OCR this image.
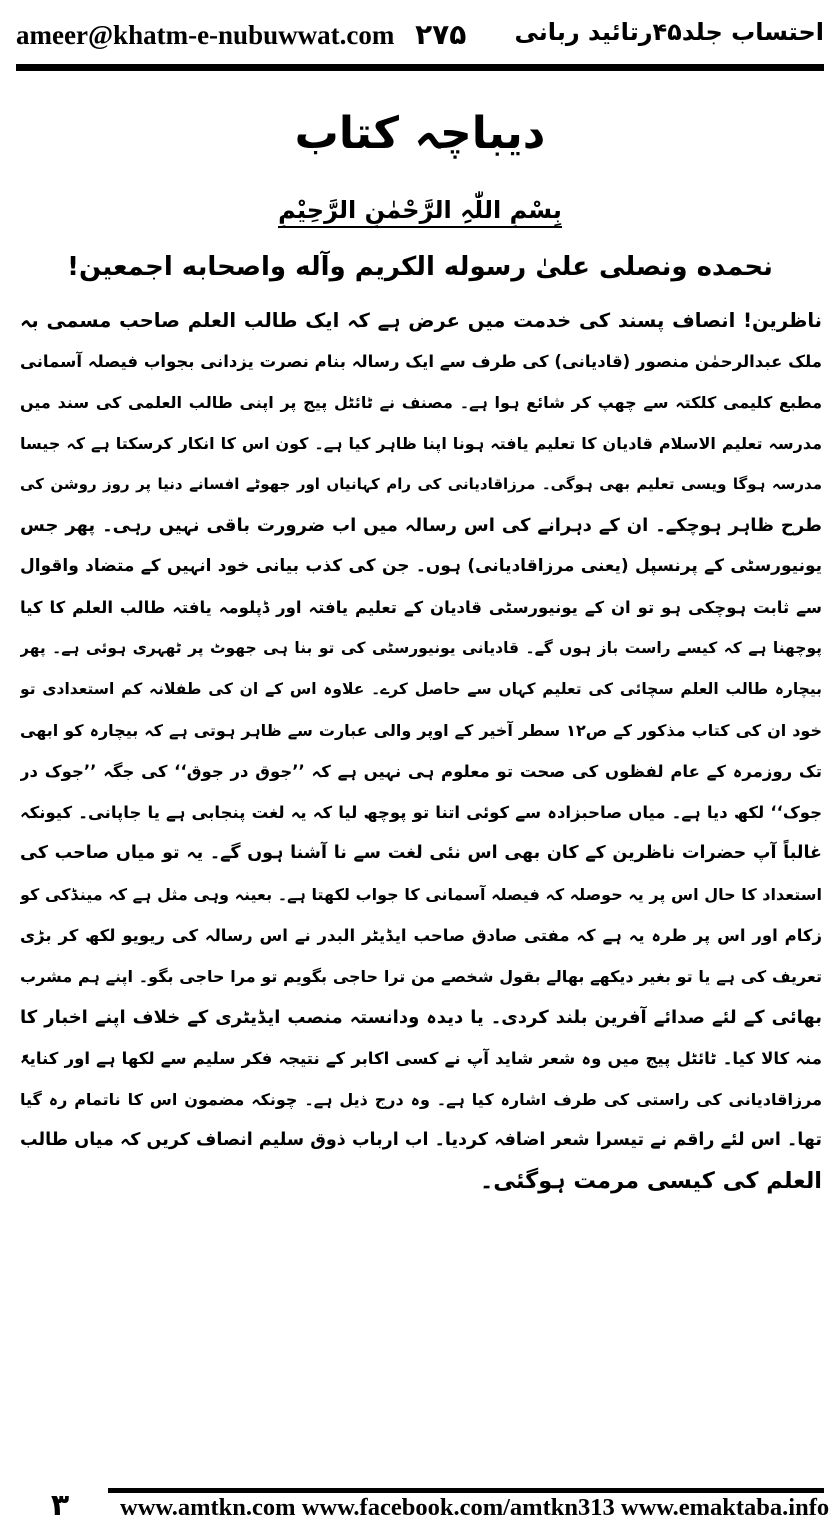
ameer@khatm-e-nubuwwat.com ۲۷۵ احتساب جلد۴۵رتائید ربانی
دیباچہ کتاب
بِسْمِ اللّٰہِ الرَّحْمٰنِ الرَّحِیْمِ
نحمده ونصلى علىٰ رسوله الكريم وآله واصحابه اجمعين!
ناظرین! انصاف پسند کی خدمت میں عرض ہے کہ ایک طالب العلم صاحب مسمی بہ
ملک عبدالرحمٰن منصور (قادیانی) کی طرف سے ایک رسالہ بنام نصرت یزدانی بجواب فیصلہ آسمانی
مطبع کلیمی کلکتہ سے چھپ کر شائع ہوا ہے۔ مصنف نے ٹائٹل پیج پر اپنی طالب العلمی کی سند میں
مدرسہ تعلیم الاسلام قادیان کا تعلیم یافتہ ہونا اپنا ظاہر کیا ہے۔ کون اس کا انکار کرسکتا ہے کہ جیسا
مدرسہ ہوگا ویسی تعلیم بھی ہوگی۔ مرزاقادیانی کی رام کہانیاں اور جھوٹے افسانے دنیا پر روز روشن کی
طرح ظاہر ہوچکے۔ ان کے دہرانے کی اس رسالہ میں اب ضرورت باقی نہیں رہی۔ پھر جس
یونیورسٹی کے پرنسپل (یعنی مرزاقادیانی) ہوں۔ جن کی کذب بیانی خود انہیں کے متضاد واقوال
سے ثابت ہوچکی ہو تو ان کے یونیورسٹی قادیان کے تعلیم یافتہ اور ڈپلومہ یافتہ طالب العلم کا کیا
پوچھنا ہے کہ کیسے راست باز ہوں گے۔ قادیانی یونیورسٹی کی تو بنا ہی جھوٹ پر ٹھہری ہوئی ہے۔ پھر
بیچارہ طالب العلم سچائی کی تعلیم کہاں سے حاصل کرے۔ علاوہ اس کے ان کی طفلانہ کم استعدادی تو
خود ان کی کتاب مذکور کے ص۱۲ سطر آخیر کے اوپر والی عبارت سے ظاہر ہوتی ہے کہ بیچارہ کو ابھی
تک روزمرہ کے عام لفظوں کی صحت تو معلوم ہی نہیں ہے کہ ’’جوق در جوق‘‘ کی جگہ ’’جوک در
جوک‘‘ لکھ دیا ہے۔ میاں صاحبزادہ سے کوئی اتنا تو پوچھ لیا کہ یہ لغت پنجابی ہے یا جاپانی۔ کیونکہ
غالباً آپ حضرات ناظرین کے کان بھی اس نئی لغت سے نا آشنا ہوں گے۔ یہ تو میاں صاحب کی
استعداد کا حال اس پر یہ حوصلہ کہ فیصلہ آسمانی کا جواب لکھتا ہے۔ بعینہ وہی مثل ہے کہ مینڈکی کو
زکام اور اس پر طرہ یہ ہے کہ مفتی صادق صاحب ایڈیٹر البدر نے اس رسالہ کی ریویو لکھ کر بڑی
تعریف کی ہے یا تو بغیر دیکھے بھالے بقول شخصے من ترا حاجی بگویم تو مرا حاجی بگو۔ اپنے ہم مشرب
بھائی کے لئے صدائے آفرین بلند کردی۔ یا دیدہ ودانستہ منصب ایڈیٹری کے خلاف اپنے اخبار کا
منہ کالا کیا۔ ٹائٹل پیج میں وہ شعر شاید آپ نے کسی اکابر کے نتیجہ فکر سلیم سے لکھا ہے اور کنایۃً
مرزاقادیانی کی راستی کی طرف اشارہ کیا ہے۔ وہ درج ذیل ہے۔ چونکہ مضمون اس کا ناتمام رہ گیا
تھا۔ اس لئے راقم نے تیسرا شعر اضافہ کردیا۔ اب ارباب ذوق سلیم انصاف کریں کہ میاں طالب
العلم کی کیسی مرمت ہوگئی۔
۳	www.amtkn.com www.facebook.com/amtkn313 www.emaktaba.info
